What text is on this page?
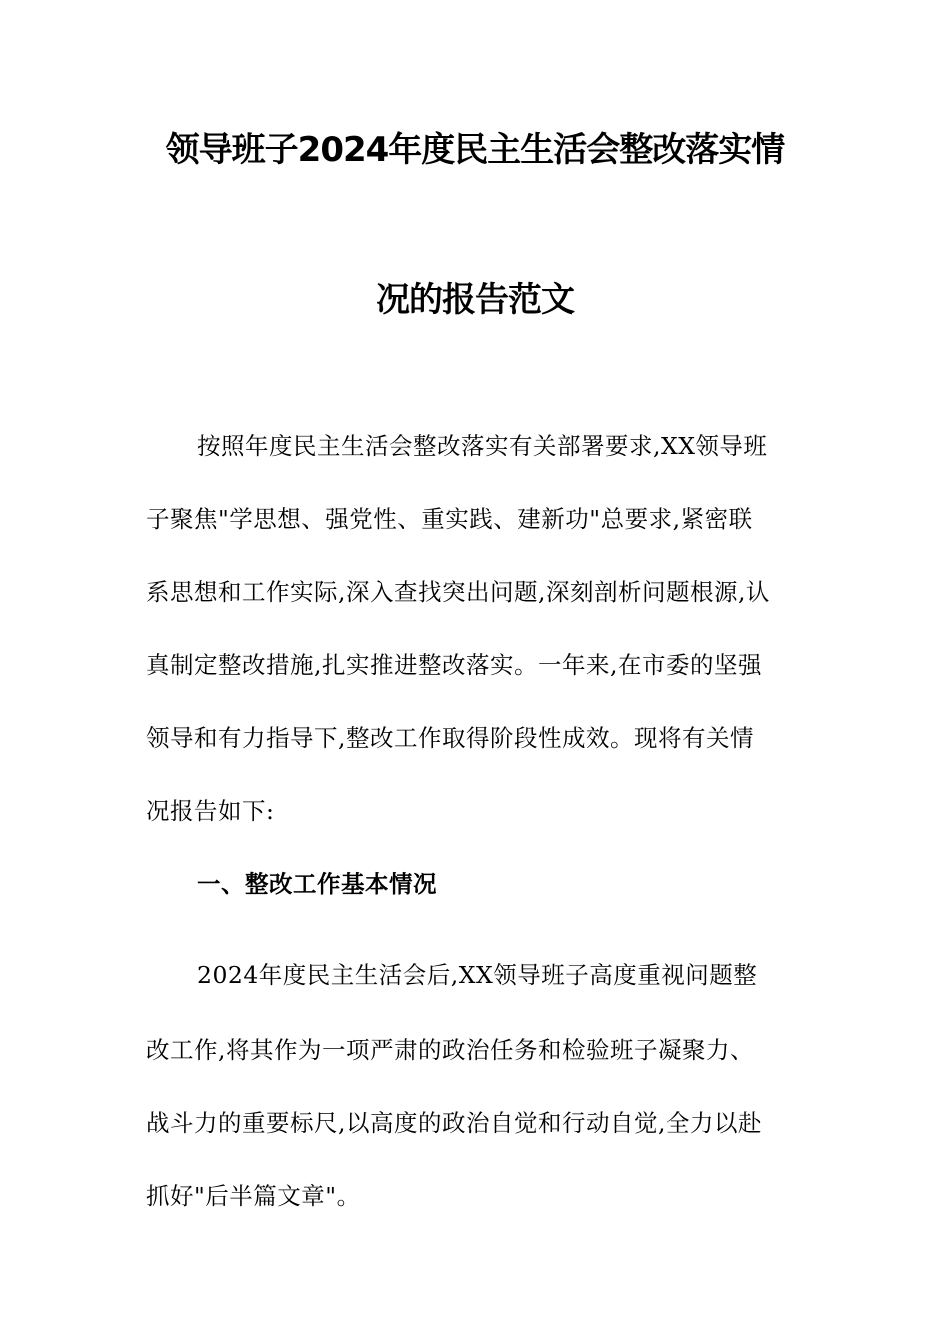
领导班子2024年度民主生活会整改落实情
况的报告范文
按照年度民主生活会整改落实有关部署要求,XX领导班
子聚焦"学思想、强党性、重实践、建新功"总要求,紧密联
系思想和工作实际,深入查找突出问题,深刻剖析问题根源,认
真制定整改措施,扎实推进整改落实。一年来,在市委的坚强
领导和有力指导下,整改工作取得阶段性成效。现将有关情
况报告如下:
一、整改工作基本情况
2024年度民主生活会后,XX领导班子高度重视问题整
改工作,将其作为一项严肃的政治任务和检验班子凝聚力、
战斗力的重要标尺,以高度的政治自觉和行动自觉,全力以赴
抓好"后半篇文章"。
